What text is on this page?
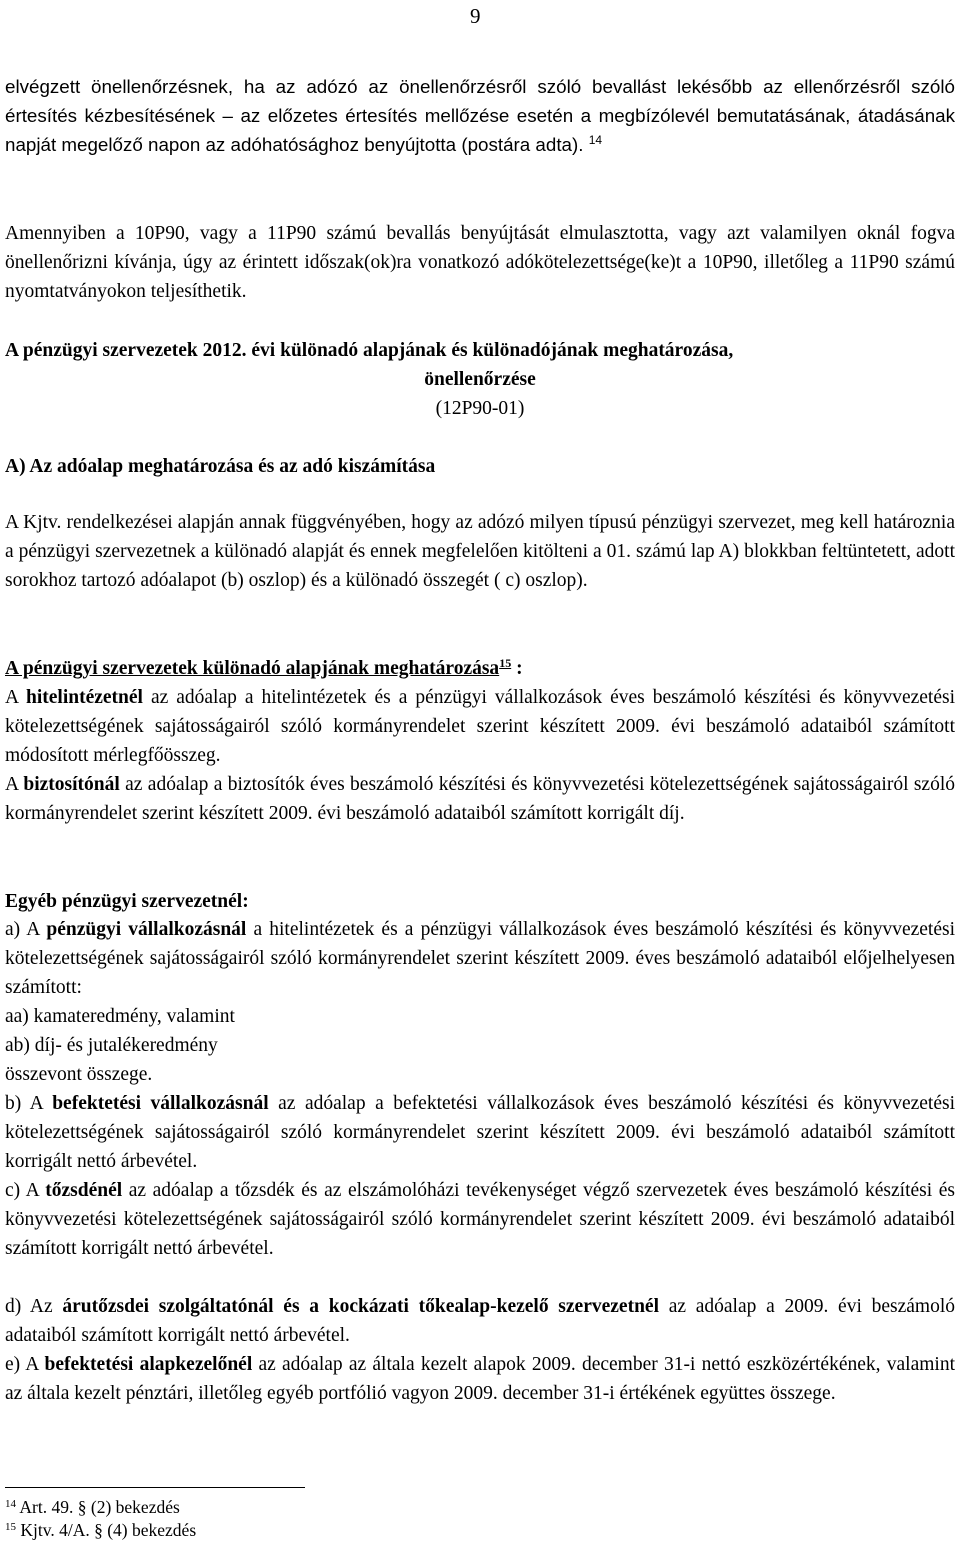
9

elvégzett önellenőrzésnek, ha az adózó az önellenőrzésről szóló bevallást lekésőbb az ellenőrzésről szóló értesítés kézbesítésének – az előzetes értesítés mellőzése esetén a megbízólevél bemutatásának, átadásának napját megelőző napon az adóhatósághoz benyújtotta (postára adta). $^{14}$

Amennyiben a 10P90, vagy a 11P90 számú bevallás benyújtását elmulasztotta, vagy azt valamilyen oknál fogva önellenőrizni kívánja, úgy az érintett időszak(ok)ra vonatkozó adókötelezettsége(ke)t a 10P90, illetőleg a 11P90 számú nyomtatványokon teljesíthetik.

A pénzügyi szervezetek 2012. évi különadó alapjának és különadójának meghatározása,

önellenőrzése

(12P90-01)

A) Az adóalap meghatározása és az adó kiszámítása

A Kjtv. rendelkezései alapján annak függvényében, hogy az adózó milyen típusú pénzügyi szervezet, meg kell határoznia a pénzügyi szervezetnek a különadó alapját és ennek megfelelően kitölteni a 01. számú lap A) blokkban feltüntetett, adott sorokhoz tartozó adóalapot (b) oszlop) és a különadó összegét ( c) oszlop).

A pénzügyi szervezetek különadó alapjának meghatározása$^{15}$ :

A hitelintézetnél az adóalap a hitelintézetek és a pénzügyi vállalkozások éves beszámoló készítési és könyvvezetési kötelezettségének sajátosságairól szóló kormányrendelet szerint készített 2009. évi beszámoló adataiból számított módosított mérlegfőösszeg.

A biztosítónál az adóalap a biztosítók éves beszámoló készítési és könyvvezetési kötelezettségének sajátosságairól szóló kormányrendelet szerint készített 2009. évi beszámoló adataiból számított korrigált díj.

Egyéb pénzügyi szervezetnél:

a) A pénzügyi vállalkozásnál a hitelintézetek és a pénzügyi vállalkozások éves beszámoló készítési és könyvvezetési kötelezettségének sajátosságairól szóló kormányrendelet szerint készített 2009. éves beszámoló adataiból előjelhelyesen számított:

aa) kamateredmény, valamint

ab) díj- és jutalékeredmény

összevont összege.

b) A befektetési vállalkozásnál az adóalap a befektetési vállalkozások éves beszámoló készítési és könyvvezetési kötelezettségének sajátosságairól szóló kormányrendelet szerint készített 2009. évi beszámoló adataiból számított korrigált nettó árbevétel.

c) A tőzsdénél az adóalap a tőzsdék és az elszámolóházi tevékenységet végző szervezetek éves beszámoló készítési és könyvvezetési kötelezettségének sajátosságairól szóló kormányrendelet szerint készített 2009. évi beszámoló adataiból számított korrigált nettó árbevétel.

d) Az árutőzsdei szolgáltatónál és a kockázati tőkealap-kezelő szervezetnél az adóalap a 2009. évi beszámoló adataiból számított korrigált nettó árbevétel.

e) A befektetési alapkezelőnél az adóalap az általa kezelt alapok 2009. december 31-i nettó eszközértékének, valamint az általa kezelt pénztári, illetőleg egyéb portfólió vagyon 2009. december 31-i értékének együttes összege.

$^{14}$ Art. 49. § (2) bekezdés
$^{15}$ Kjtv. 4/A. § (4) bekezdés
